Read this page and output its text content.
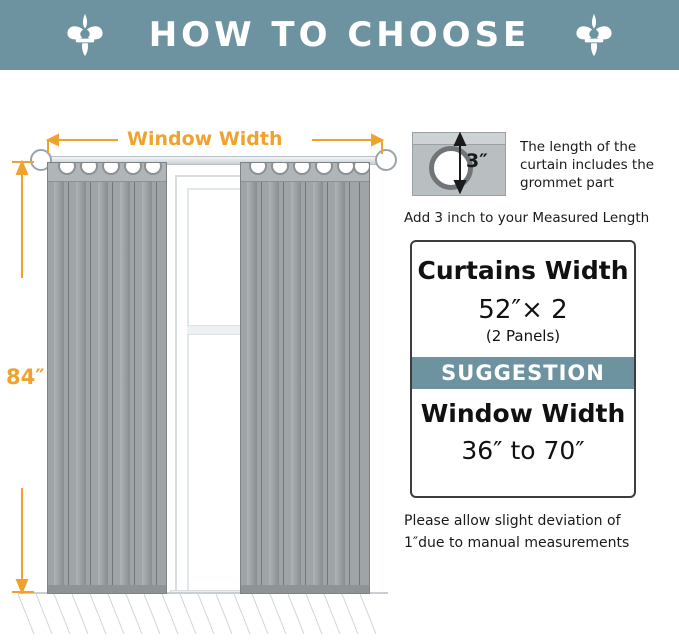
HOW TO CHOOSE
Window Width
84″
3″
The length of the curtain includes the grommet part
Add 3 inch to your Measured Length
Curtains Width
52″× 2
(2 Panels)
SUGGESTION
Window Width
36″ to 70″
Please allow slight deviation of
1″due to manual measurements
